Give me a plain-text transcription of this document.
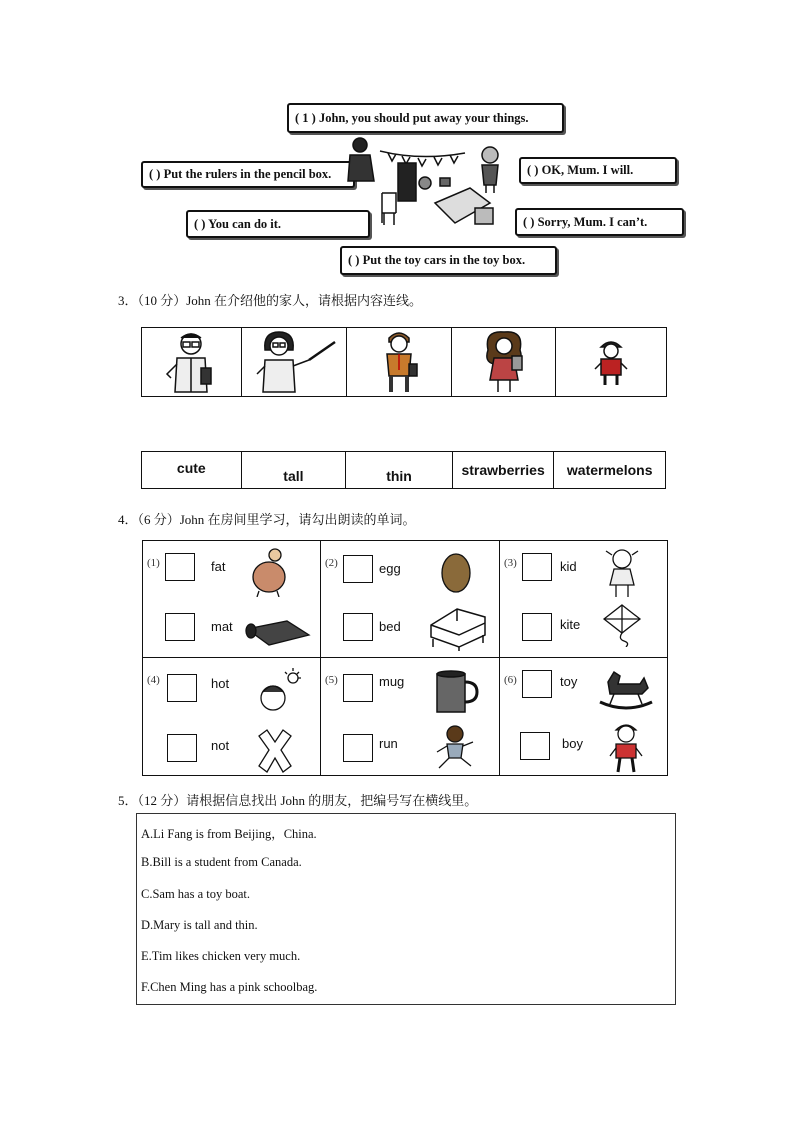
( 1 ) John, you should put away your things.
( ) Put the rulers in the pencil box.	( ) OK, Mum. I will.
( ) You can do it.	( ) Sorry, Mum. I can’t.
( ) Put the toy cars in the toy box.
3．（10 分）John 在介绍他的家人，请根据内容连线。
cute	tall	thin	strawberries	watermelons
4．（6 分）John 在房间里学习，请勾出朗读的单词。
(1)	fat
mat
(2)	egg
bed
(3)	kid
kite
(4)	hot
not
(5)	mug
run
(6)	toy
boy
5．（12 分）请根据信息找出 John 的朋友，把编号写在横线里。
A.Li Fang is from Beijing，China.
B.Bill is a student from Canada.
C.Sam has a toy boat.
D.Mary is tall and thin.
E.Tim likes chicken very much.
F.Chen Ming has a pink schoolbag.
